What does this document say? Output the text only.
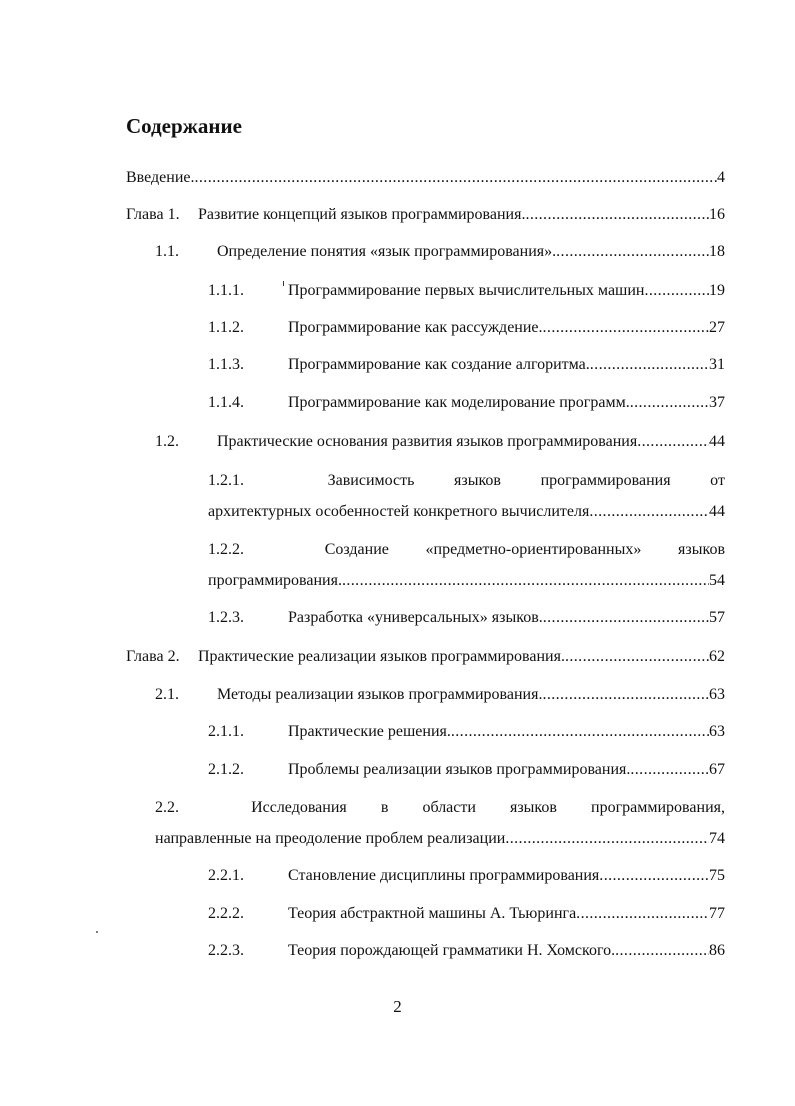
Содержание
Введение. .....	4
Глава 1.	Развитие концепций языков программирования. .....	16
1.1.	Определение понятия «язык программирования». .....	18
1.1.1.	Программирование первых вычислительных машин .....	19
1.1.2.	Программирование как рассуждение. .....	27
1.1.3.	Программирование как создание алгоритма. .....	31
1.1.4.	Программирование как моделирование программ. .....	37
1.2.	Практические основания развития языков программирования .....	44
1.2.1.	Зависимость языков программирования от
архитектурных особенностей конкретного вычислителя .....	44
1.2.2.	Создание «предметно-ориентированных» языков
программирования. .....	54
1.2.3.	Разработка «универсальных» языков. .....	57
Глава 2.	Практические реализации языков программирования. .....	62
2.1.	Методы реализации языков программирования. .....	63
2.1.1.	Практические решения. .....	63
2.1.2.	Проблемы реализации языков программирования. .....	67
2.2.	Исследования в области языков программирования,
направленные на преодоление проблем реализации .....	74
2.2.1.	Становление дисциплины программирования .....	75
2.2.2.	Теория абстрактной машины А. Тьюринга .....	77
2.2.3.	Теория порождающей грамматики Н. Хомского. .....	86
2
